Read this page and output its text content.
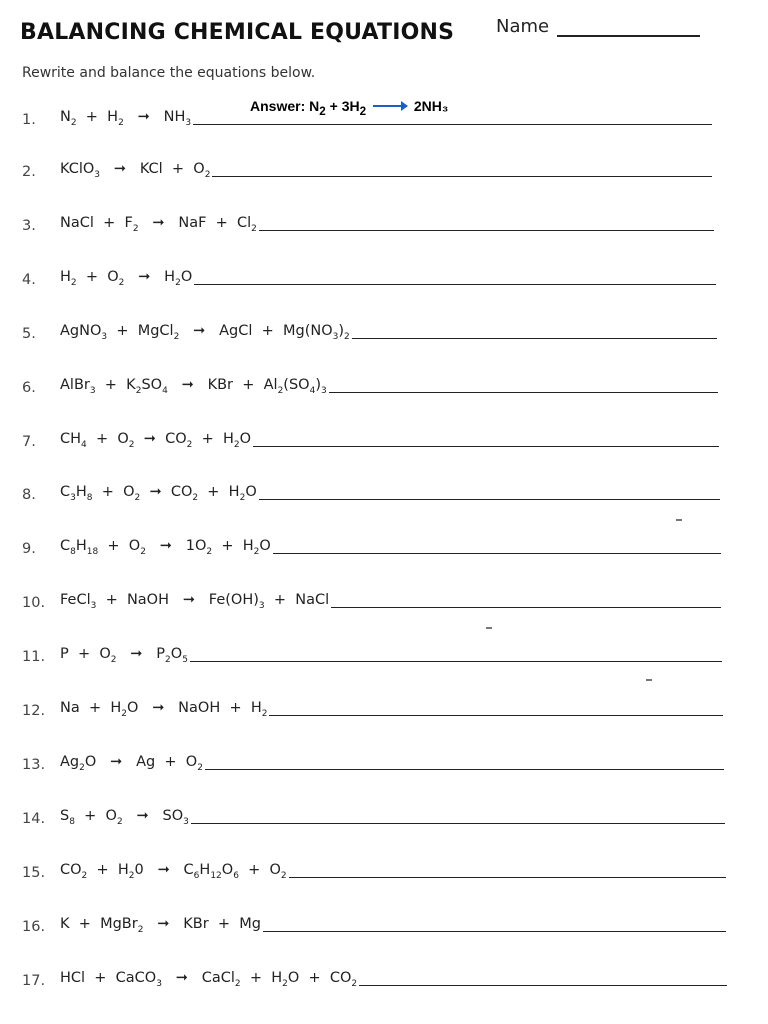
BALANCING CHEMICAL EQUATIONS Name
Rewrite and balance the equations below.
Answer: $N_2 + 3H_2$	2NH₃
1.	$N_2 + H_2$   ➞   $NH_3$
2.	KClO$_3$   ➞   KCl  +  $O_2$
3.	NaCl  +  $F_2$   ➞   NaF  +  $Cl_2$
4.	$H_2 + O_2$   ➞   $H_2O$
5.	AgNO$_3$  +  MgCl$_2$   ➞   AgCl  +  $Mg(NO_3)_2$
6.	AlBr$_3$  +  $K_2SO_4$   ➞   KBr  +  $Al_2(SO_4)_3$
7.	$CH_4 + O_2$  ➞  $CO_2 + H_2O$
8.	$C_3H_8 + O_2$  ➞  $CO_2 + H_2O$
9.	$C_8H_{18} + O_2$   ➞   $1O_2 + H_2O$
10.	FeCl$_3$  +  NaOH   ➞   $Fe(OH)_3$  +  NaCl
11.	$P + O_2$   ➞   $P_2O_5$
12.	$Na + H_2O$   ➞   NaOH  +  $H_2$
13.	$Ag_2O$   ➞   $Ag + O_2$
14.	$S_8 + O_2$   ➞   $SO_3$
15.	$CO_2 + H_20$   ➞   $C_6H_{12}O_6 + O_2$
16.	K  +  MgBr$_2$   ➞   KBr  +  Mg
17.	HCl  +  CaCO$_3$   ➞   CaCl$_2$  +  $H_2O + CO_2$
